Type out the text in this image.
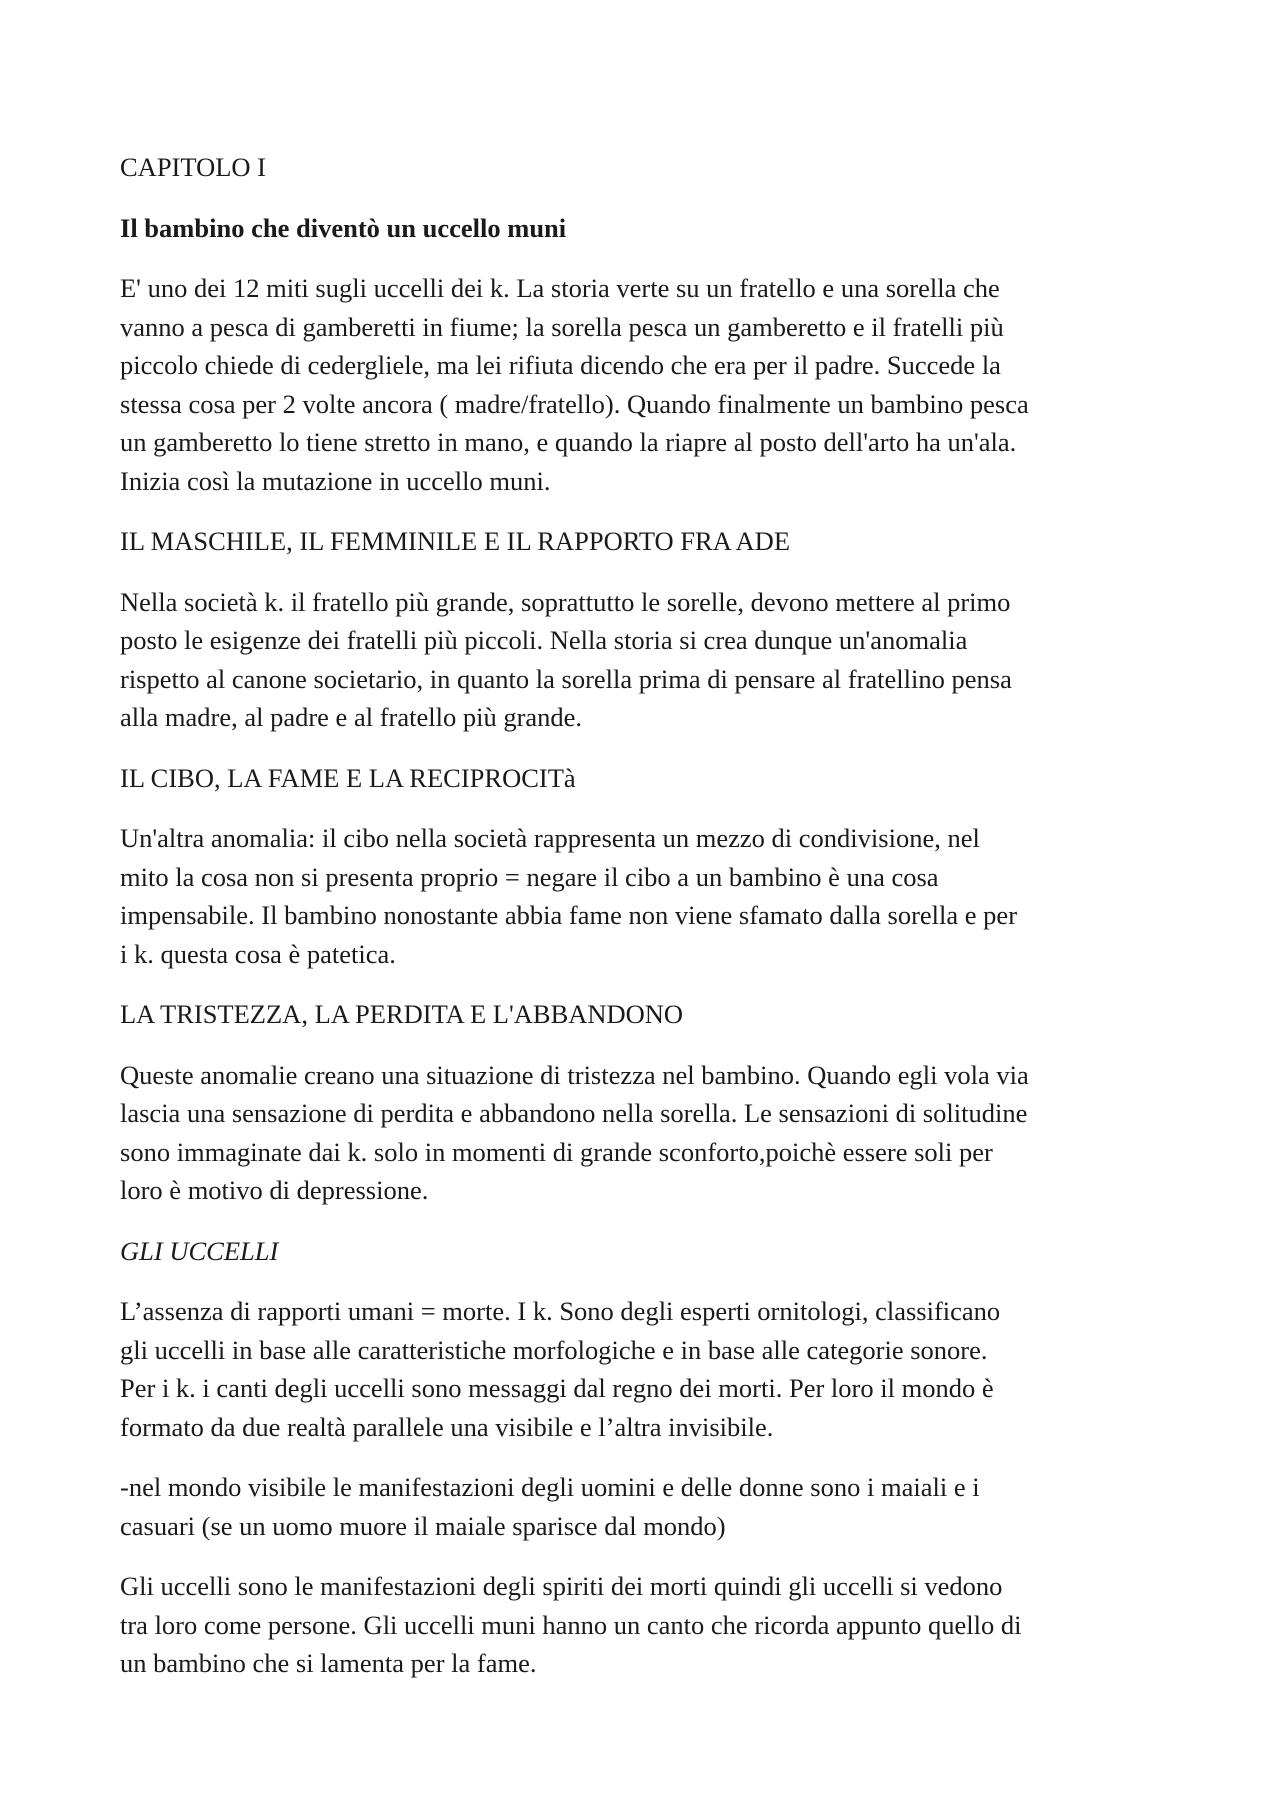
CAPITOLO I

Il bambino che diventò un uccello muni

E' uno dei 12 miti sugli uccelli dei k. La storia verte su un fratello e una sorella che
vanno a pesca di gamberetti in fiume; la sorella pesca un gamberetto e il fratelli più
piccolo chiede di cedergliele, ma lei rifiuta dicendo che era per il padre. Succede la
stessa cosa per 2 volte ancora ( madre/fratello). Quando finalmente un bambino pesca
un gamberetto lo tiene stretto in mano, e quando la riapre al posto dell'arto ha un'ala.
Inizia così la mutazione in uccello muni.

IL MASCHILE, IL FEMMINILE E IL RAPPORTO FRA ADE

Nella società k. il fratello più grande, soprattutto le sorelle, devono mettere al primo
posto le esigenze dei fratelli più piccoli. Nella storia si crea dunque un'anomalia
rispetto al canone societario, in quanto la sorella prima di pensare al fratellino pensa
alla madre, al padre e al fratello più grande.

IL CIBO, LA FAME E LA RECIPROCITà

Un'altra anomalia: il cibo nella società rappresenta un mezzo di condivisione, nel
mito la cosa non si presenta proprio = negare il cibo a un bambino è una cosa
impensabile. Il bambino nonostante abbia fame non viene sfamato dalla sorella e per
i k. questa cosa è patetica.

LA TRISTEZZA, LA PERDITA E L'ABBANDONO

Queste anomalie creano una situazione di tristezza nel bambino. Quando egli vola via
lascia una sensazione di perdita e abbandono nella sorella. Le sensazioni di solitudine
sono immaginate dai k. solo in momenti di grande sconforto,poichè essere soli per
loro è motivo di depressione.

GLI UCCELLI

L’assenza di rapporti umani = morte. I k. Sono degli esperti ornitologi, classificano
gli uccelli in base alle caratteristiche morfologiche e in base alle categorie sonore.
Per i k. i canti degli uccelli sono messaggi dal regno dei morti. Per loro il mondo è
formato da due realtà parallele una visibile e l’altra invisibile.

-nel mondo visibile le manifestazioni degli uomini e delle donne sono i maiali e i
casuari (se un uomo muore il maiale sparisce dal mondo)

Gli uccelli sono le manifestazioni degli spiriti dei morti quindi gli uccelli si vedono
tra loro come persone. Gli uccelli muni hanno un canto che ricorda appunto quello di
un bambino che si lamenta per la fame.
